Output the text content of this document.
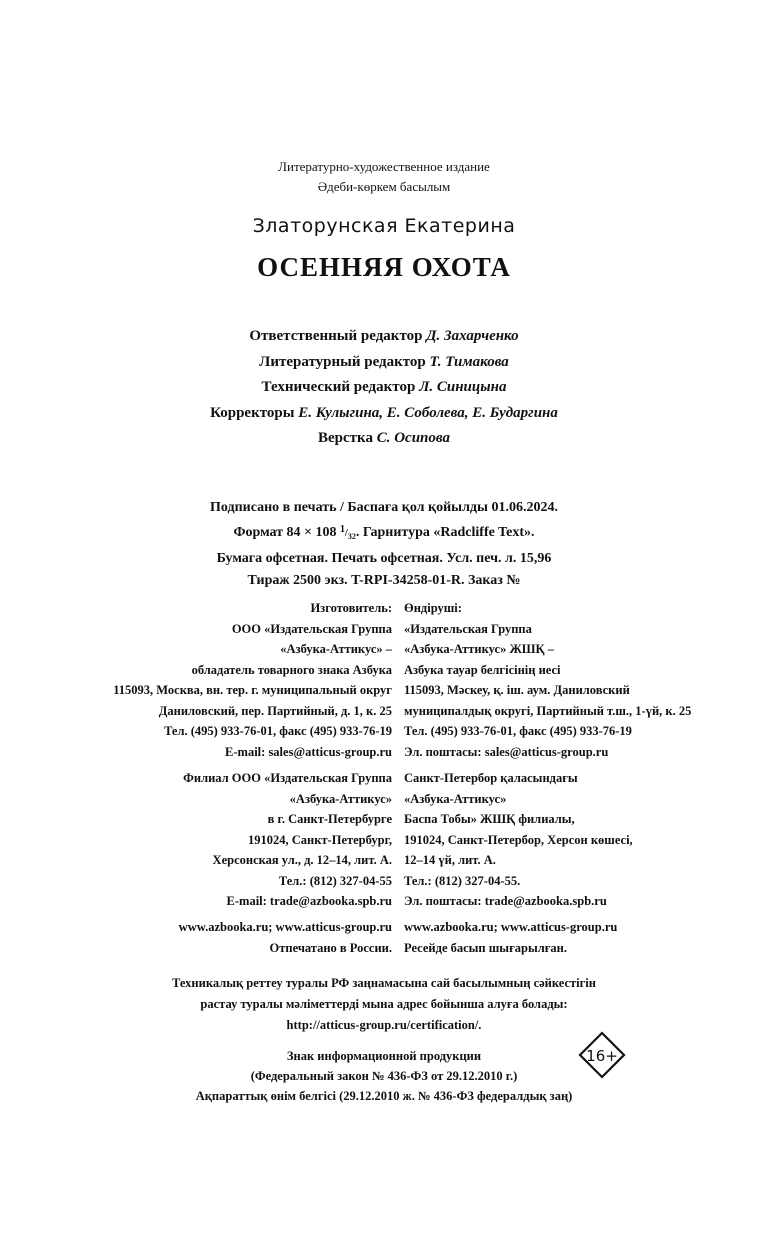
Литературно-художественное издание
Әдеби-көркем басылым
Златорунская Екатерина
ОСЕННЯЯ ОХОТА
Ответственный редактор Д. Захарченко
Литературный редактор Т. Тимакова
Технический редактор Л. Синицына
Корректоры Е. Кулыгина, Е. Соболева, Е. Бударгина
Верстка С. Осипова
Подписано в печать / Баспаға қол қойылды 01.06.2024.
Формат 84 × 108 $^1/_{32}$. Гарнитура «Radcliffe Text».
Бумага офсетная. Печать офсетная. Усл. печ. л. 15,96
Тираж 2500 экз. T-RPI-34258-01-R. Заказ №
Изготовитель:
ООО «Издательская Группа
«Азбука-Аттикус» –
обладатель товарного знака Азбука
115093, Москва, вн. тер. г. муниципальный округ
Даниловский, пер. Партийный, д. 1, к. 25
Тел. (495) 933-76-01, факс (495) 933-76-19
E-mail: sales@atticus-group.ru
Өндіруші:
«Издательская Группа
«Азбука-Аттикус» ЖШҚ –
Азбука тауар белгісінің иесі
115093, Мәскеу, қ. іш. аум. Даниловский
муниципалдық округі, Партийный т.ш., 1-үй, к. 25
Тел. (495) 933-76-01, факс (495) 933-76-19
Эл. поштасы: sales@atticus-group.ru
Филиал ООО «Издательская Группа
«Азбука-Аттикус»
в г. Санкт-Петербурге
191024, Санкт-Петербург,
Херсонская ул., д. 12–14, лит. А.
Тел.: (812) 327-04-55
E-mail: trade@azbooka.spb.ru
Санкт-Петербор қаласындағы
«Азбука-Аттикус»
Баспа Тобы» ЖШҚ филиалы,
191024, Санкт-Петербор, Херсон көшесі,
12–14 үй, лит. А.
Тел.: (812) 327-04-55.
Эл. поштасы: trade@azbooka.spb.ru
www.azbooka.ru; www.atticus-group.ru
Отпечатано в России.
www.azbooka.ru; www.atticus-group.ru
Ресейде басып шығарылған.
Техникалық реттеу туралы РФ заңнамасына сай басылымның сәйкестігін
растау туралы мәліметтерді мына адрес бойынша алуға болады:
http://atticus-group.ru/certification/.
Знак информационной продукции
(Федеральный закон № 436-ФЗ от 29.12.2010 г.)
Ақпараттық өнім белгісі (29.12.2010 ж. № 436-ФЗ федералдық заң)
16+
